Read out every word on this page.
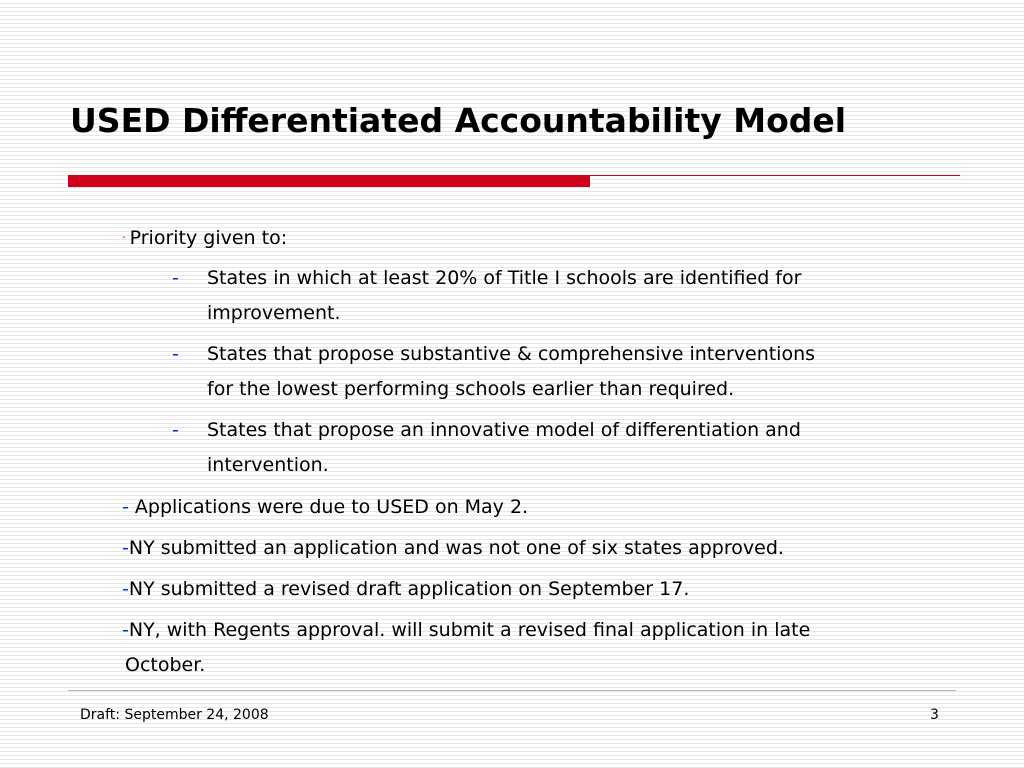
USED Differentiated Accountability Model
- Priority given to:
- States in which at least 20% of Title I schools are identified for
improvement.
- States that propose substantive & comprehensive interventions
for the lowest performing schools earlier than required.
- States that propose an innovative model of differentiation and
intervention.
- Applications were due to USED on May 2.
-NY submitted an application and was not one of six states approved.
-NY submitted a revised draft application on September 17.
-NY, with Regents approval. will submit a revised final application in late
October.
Draft: September 24, 2008	3
